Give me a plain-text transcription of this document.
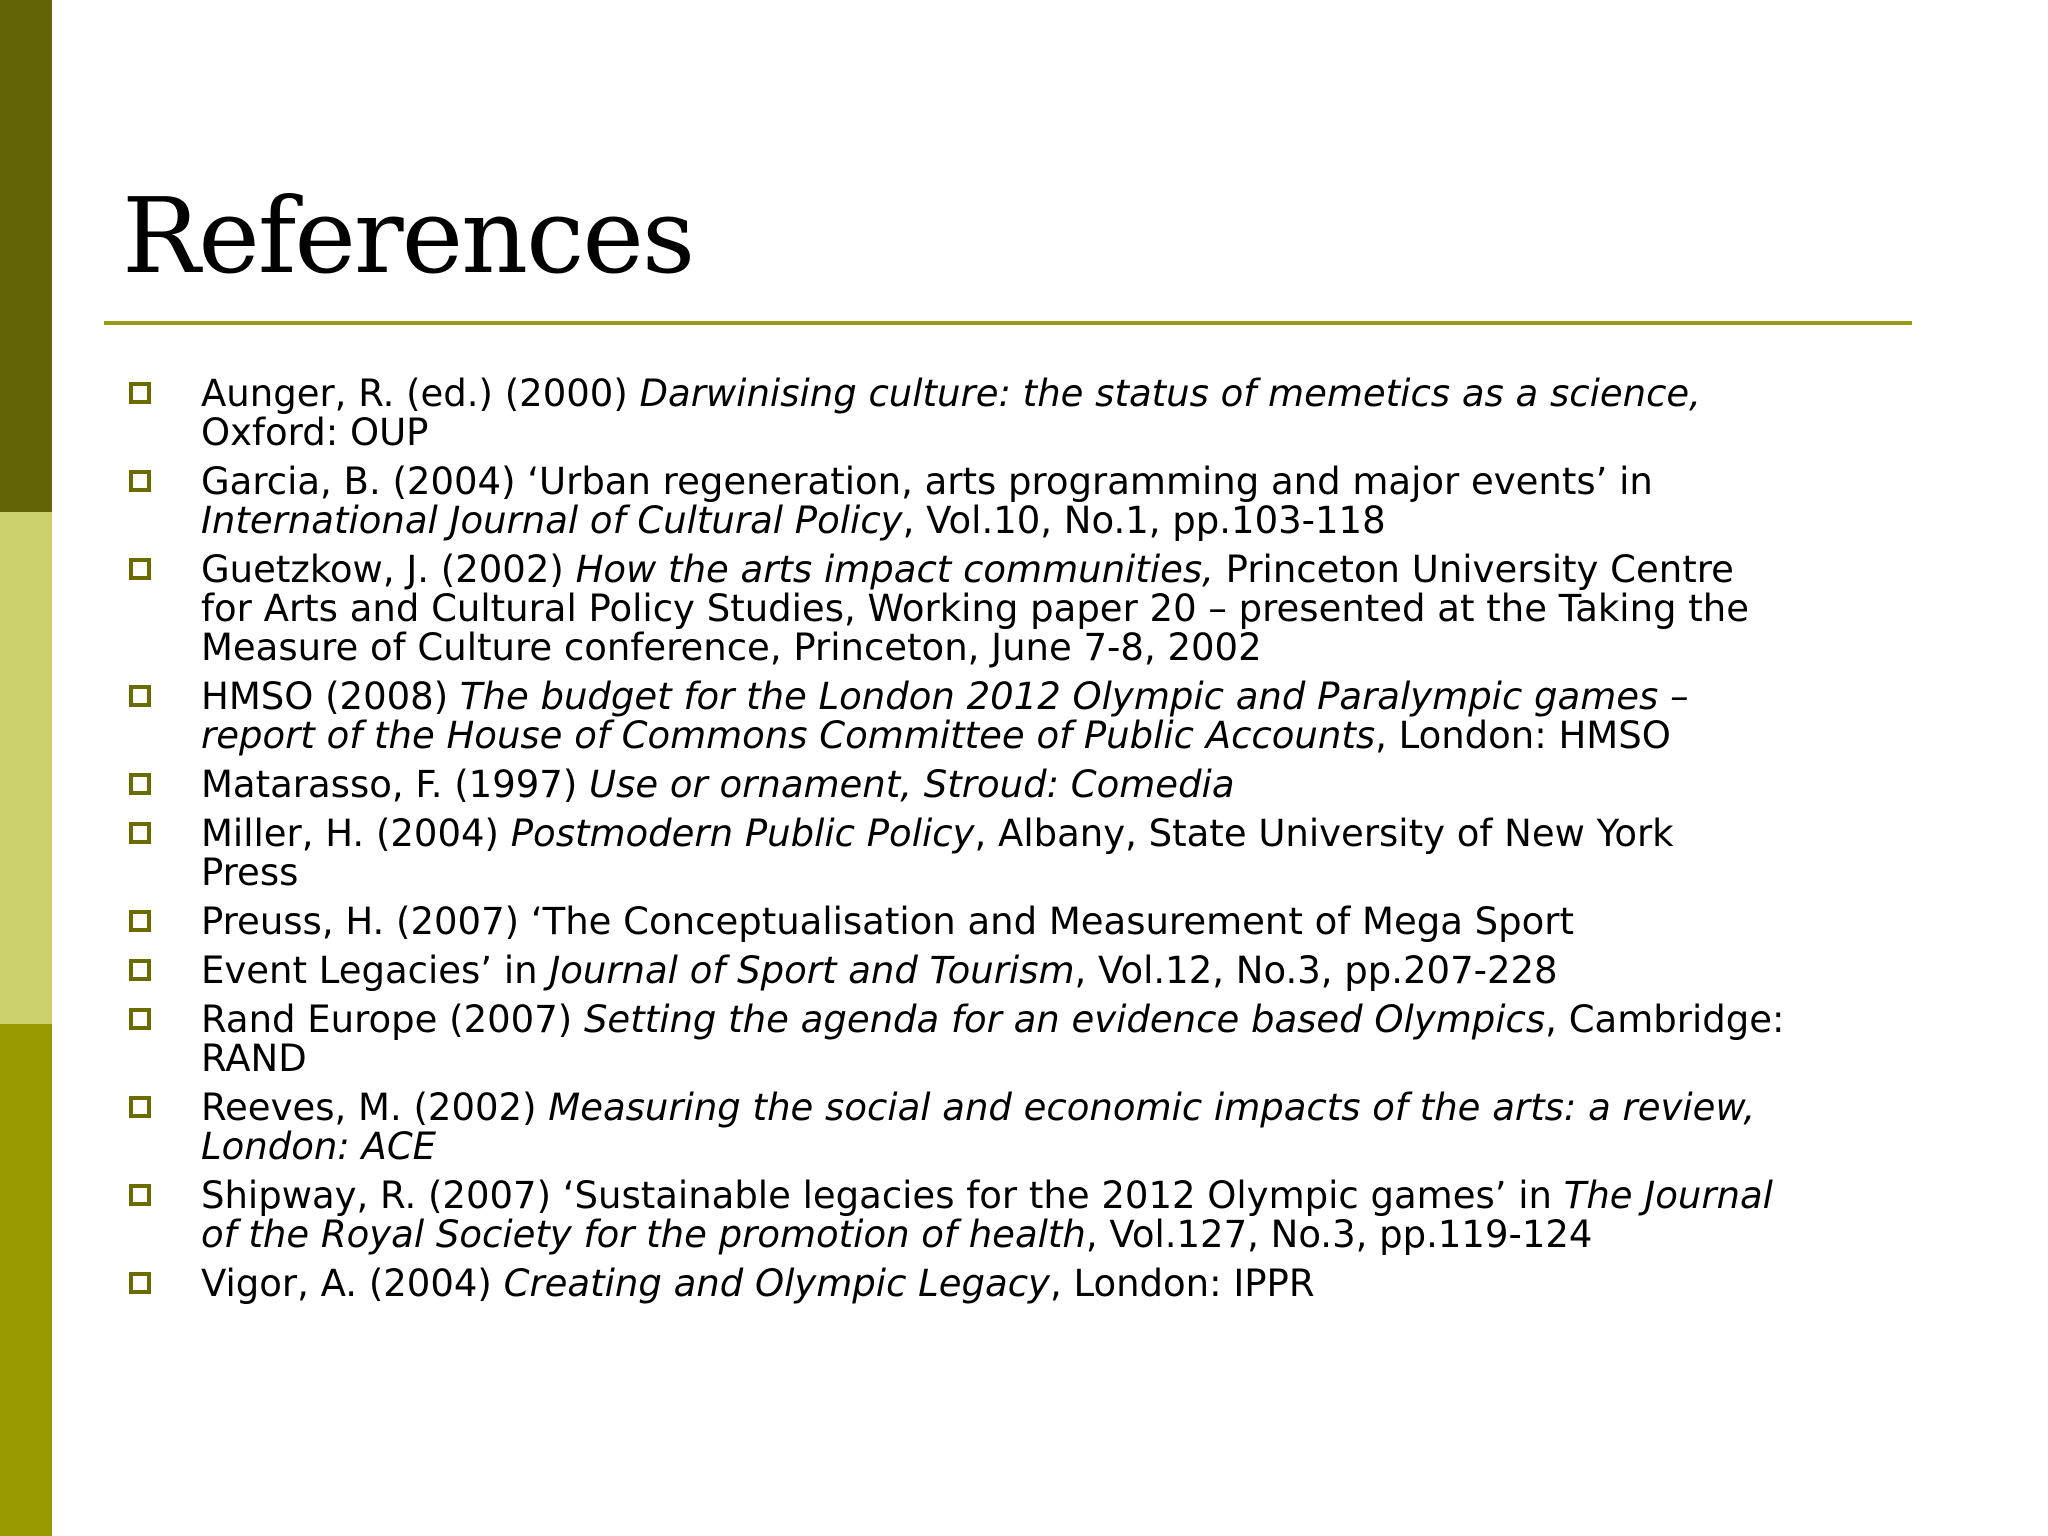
References
Aunger, R. (ed.) (2000) Darwinising culture: the status of memetics as a science,
Oxford: OUP
Garcia, B. (2004) ‘Urban regeneration, arts programming and major events’ in
International Journal of Cultural Policy, Vol.10, No.1, pp.103-118
Guetzkow, J. (2002) How the arts impact communities, Princeton University Centre
for Arts and Cultural Policy Studies, Working paper 20 – presented at the Taking the
Measure of Culture conference, Princeton, June 7-8, 2002
HMSO (2008) The budget for the London 2012 Olympic and Paralympic games –
report of the House of Commons Committee of Public Accounts, London: HMSO
Matarasso, F. (1997) Use or ornament, Stroud: Comedia
Miller, H. (2004) Postmodern Public Policy, Albany, State University of New York
Press
Preuss, H. (2007) ‘The Conceptualisation and Measurement of Mega Sport
Event Legacies’ in Journal of Sport and Tourism, Vol.12, No.3, pp.207-228
Rand Europe (2007) Setting the agenda for an evidence based Olympics, Cambridge:
RAND
Reeves, M. (2002) Measuring the social and economic impacts of the arts: a review,
London: ACE
Shipway, R. (2007) ‘Sustainable legacies for the 2012 Olympic games’ in The Journal
of the Royal Society for the promotion of health, Vol.127, No.3, pp.119-124
Vigor, A. (2004) Creating and Olympic Legacy, London: IPPR
